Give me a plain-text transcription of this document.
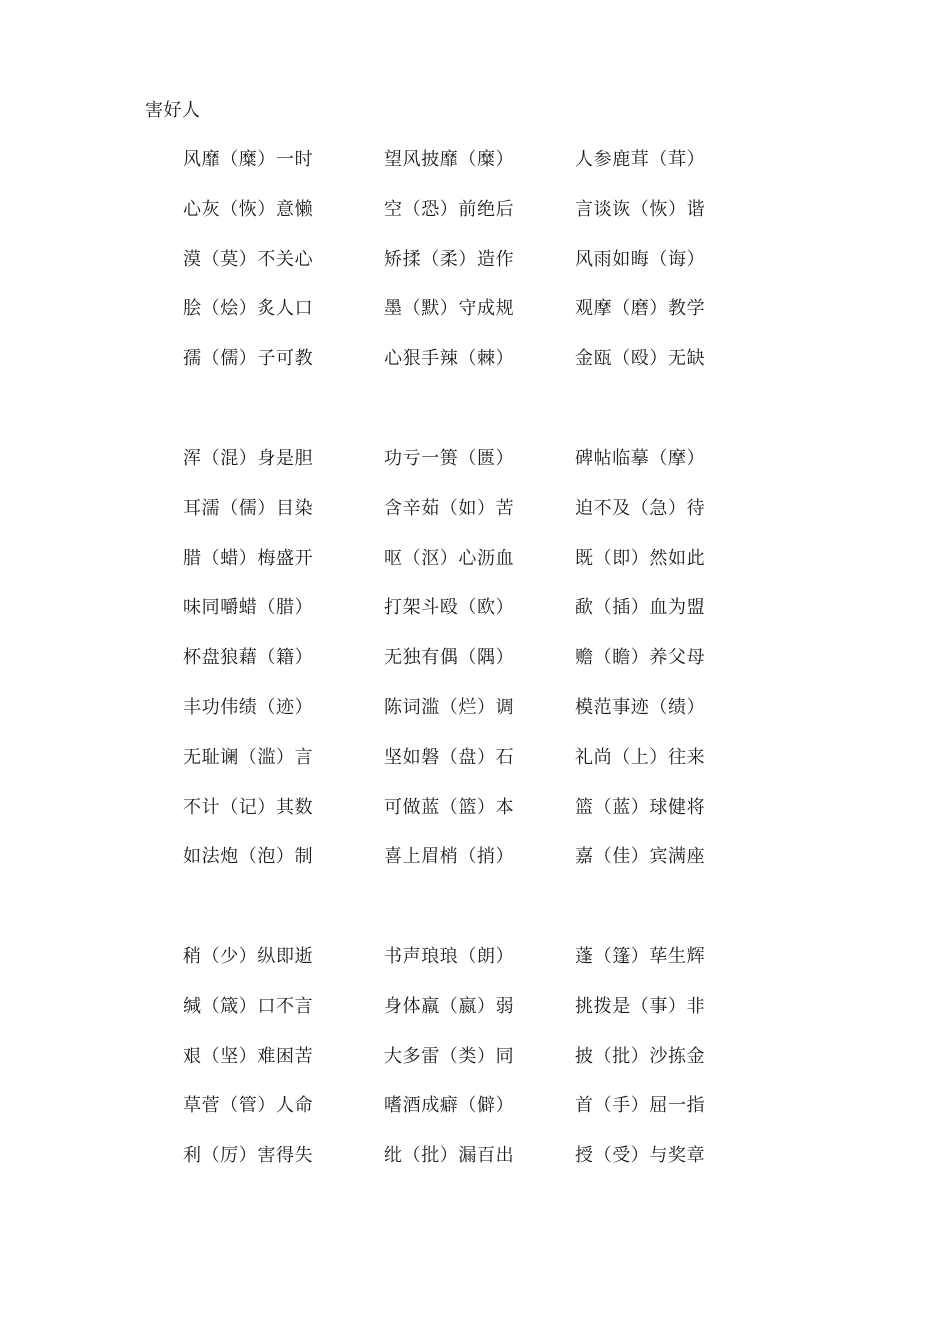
害好人
风靡（糜）一时	望风披靡（糜）	人参鹿茸（茸）
心灰（恢）意懒	空（恐）前绝后	言谈诙（恢）谐
漠（莫）不关心	矫揉（柔）造作	风雨如晦（诲）
脍（烩）炙人口	墨（默）守成规	观摩（磨）教学
孺（儒）子可教	心狠手辣（棘）	金瓯（殴）无缺
浑（混）身是胆	功亏一篑（匮）	碑帖临摹（摩）
耳濡（儒）目染	含辛茹（如）苦	迫不及（急）待
腊（蜡）梅盛开	呕（沤）心沥血	既（即）然如此
味同嚼蜡（腊）	打架斗殴（欧）	歃（插）血为盟
杯盘狼藉（籍）	无独有偶（隅）	赡（瞻）养父母
丰功伟绩（迹）	陈词滥（烂）调	模范事迹（绩）
无耻谰（滥）言	坚如磐（盘）石	礼尚（上）往来
不计（记）其数	可做蓝（篮）本	篮（蓝）球健将
如法炮（泡）制	喜上眉梢（捎）	嘉（佳）宾满座
稍（少）纵即逝	书声琅琅（朗）	蓬（篷）荜生辉
缄（箴）口不言	身体羸（嬴）弱	挑拨是（事）非
艰（坚）难困苦	大多雷（类）同	披（批）沙拣金
草菅（管）人命	嗜酒成癖（僻）	首（手）屈一指
利（厉）害得失	纰（批）漏百出	授（受）与奖章
